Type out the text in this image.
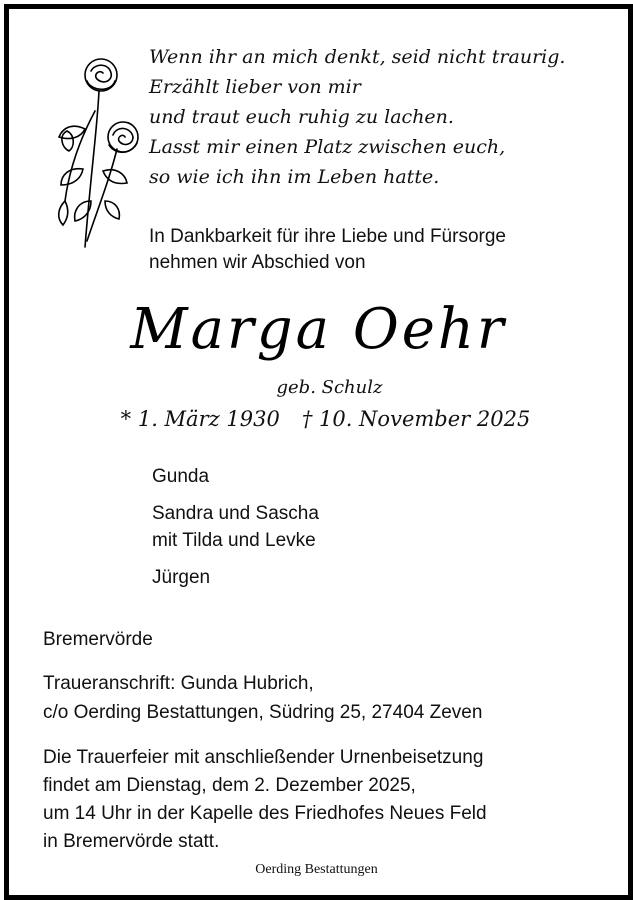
Wenn ihr an mich denkt, seid nicht traurig.
Erzählt lieber von mir
und traut euch ruhig zu lachen.
Lasst mir einen Platz zwischen euch,
so wie ich ihn im Leben hatte.
In Dankbarkeit für ihre Liebe und Fürsorge
nehmen wir Abschied von
Marga Oehr
geb. Schulz
* 1. März 1930 † 10. November 2025
Gunda
Sandra und Sascha
mit Tilda und Levke
Jürgen
Bremervörde
Traueranschrift: Gunda Hubrich,
c/o Oerding Bestattungen, Südring 25, 27404 Zeven
Die Trauerfeier mit anschließender Urnenbeisetzung
findet am Dienstag, dem 2. Dezember 2025,
um 14 Uhr in der Kapelle des Friedhofes Neues Feld
in Bremervörde statt.
Oerding Bestattungen
